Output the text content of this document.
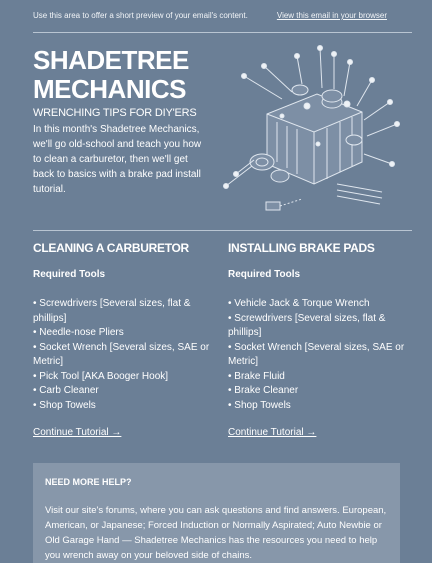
Use this area to offer a short preview of your email's content.	View this email in your browser
SHADETREE
MECHANICS
WRENCHING TIPS FOR DIY'ERS
In this month's Shadetree Mechanics, we'll go old-school and teach you how to clean a carburetor, then we'll get back to basics with a brake pad install tutorial.
CLEANING A CARBURETOR
Required Tools
• Screwdrivers [Several sizes, flat & phillips]
• Needle-nose Pliers
• Socket Wrench [Several sizes, SAE or Metric]
• Pick Tool [AKA Booger Hook]
• Carb Cleaner
• Shop Towels
Continue Tutorial →
INSTALLING BRAKE PADS
Required Tools
• Vehicle Jack & Torque Wrench
• Screwdrivers [Several sizes, flat & phillips]
• Socket Wrench [Several sizes, SAE or Metric]
• Brake Fluid
• Brake Cleaner
• Shop Towels
Continue Tutorial →
NEED MORE HELP?

Visit our site's forums, where you can ask questions and find answers. European, American, or Japanese; Forced Induction or Normally Aspirated; Auto Newbie or Old Garage Hand — Shadetree Mechanics has the resources you need to help you wrench away on your beloved side of chains.
